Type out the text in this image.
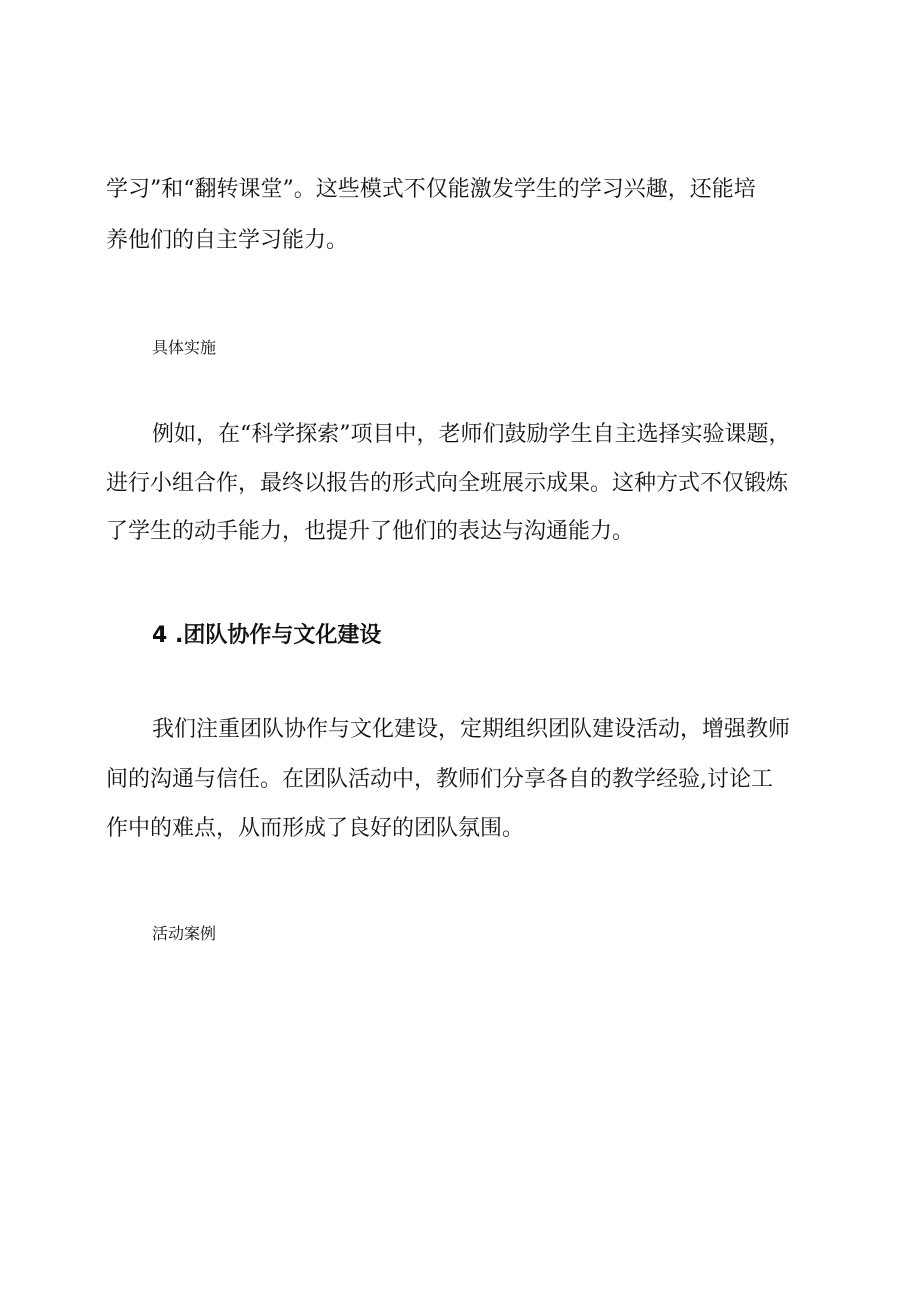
学习”和“翻转课堂”。这些模式不仅能激发学生的学习兴趣，还能培

养他们的自主学习能力。

具体实施

例如，在“科学探索”项目中，老师们鼓励学生自主选择实验课题，

进行小组合作，最终以报告的形式向全班展示成果。这种方式不仅锻炼

了学生的动手能力，也提升了他们的表达与沟通能力。

4 .团队协作与文化建设

我们注重团队协作与文化建设，定期组织团队建设活动，增强教师

间的沟通与信任。在团队活动中，教师们分享各自的教学经验,讨论工

作中的难点，从而形成了良好的团队氛围。

活动案例
